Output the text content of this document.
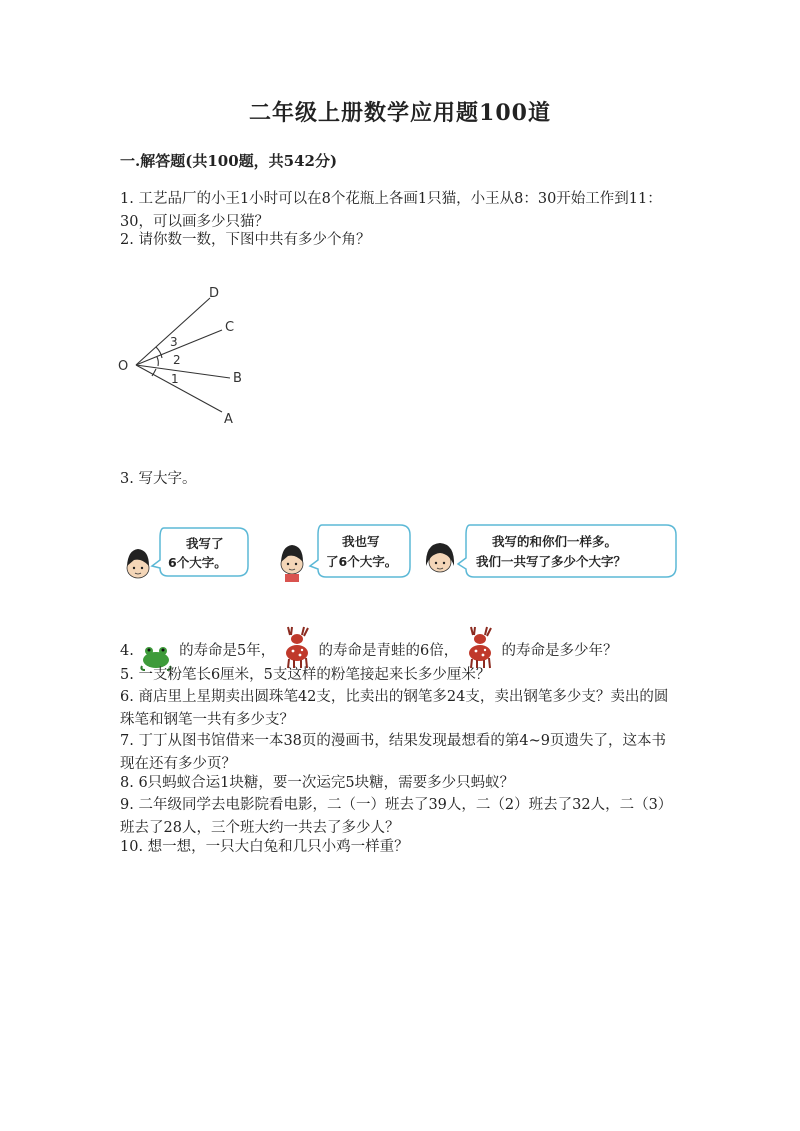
二年级上册数学应用题100道
一.解答题(共100题，共542分)
1. 工艺品厂的小王1小时可以在8个花瓶上各画1只猫，小王从8：30开始工作到11：30，可以画多少只猫？
2. 请你数一数，下图中共有多少个角？
O
D
C
B
A
3
2
1
3. 写大字。
我写了
6个大字。
我也写
了6个大字。
我写的和你们一样多。
我们一共写了多少个大字？
4.	的寿命是5年，	的寿命是青蛙的6倍，	的寿命是多少年？
5. 一支粉笔长6厘米，5支这样的粉笔接起来长多少厘米？
6. 商店里上星期卖出圆珠笔42支，比卖出的钢笔多24支，卖出钢笔多少支？卖出的圆珠笔和钢笔一共有多少支？
7. 丁丁从图书馆借来一本38页的漫画书，结果发现最想看的第4~9页遗失了，这本书现在还有多少页？
8. 6只蚂蚁合运1块糖，要一次运完5块糖，需要多少只蚂蚁？
9. 二年级同学去电影院看电影，二（一）班去了39人，二（2）班去了32人，二（3）班去了28人，三个班大约一共去了多少人？
10. 想一想，一只大白兔和几只小鸡一样重？
